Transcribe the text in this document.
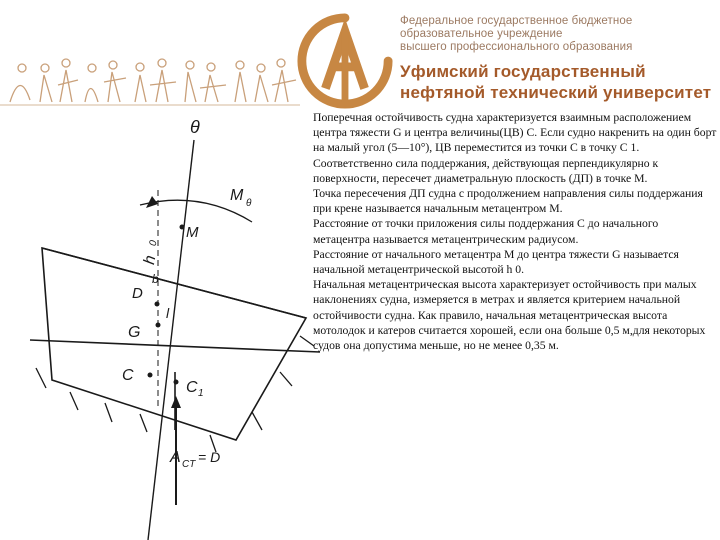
Федеральное государственное бюджетное
образовательное учреждение
высшего профессионального образования
Уфимский государственный
нефтяной технический университет
θ
M θ
h
0
M
b
D
l
G
C
C 1
A CT = D

Поперечная остойчивость судна характеризуется взаимным расположением центра тяжести G и центра величины(ЦВ) С. Если судно накренить на один борт на малый угол (5—10°), ЦВ переместится из точки С в точку С 1. Соответственно сила поддержания, действующая перпендикулярно к поверхности, пересечет диаметральную плоскость (ДП) в точке М.

Точка пересечения ДП судна с продолжением направления силы поддержания при крене называется начальным метацентром М.

Расстояние от точки приложения силы поддержания С до начального метацентра называется метацентрическим радиусом.

Расстояние от начального метацентра М до центра тяжести G называется начальной метацентрической высотой h 0.

Начальная метацентрическая высота характеризует остойчивость при малых наклонениях судна, измеряется в метрах и является критерием начальной остойчивости судна. Как правило, начальная метацентрическая высота мотолодок и катеров считается хорошей, если она больше 0,5 м,для некоторых судов она допустима меньше, но не менее 0,35 м.
